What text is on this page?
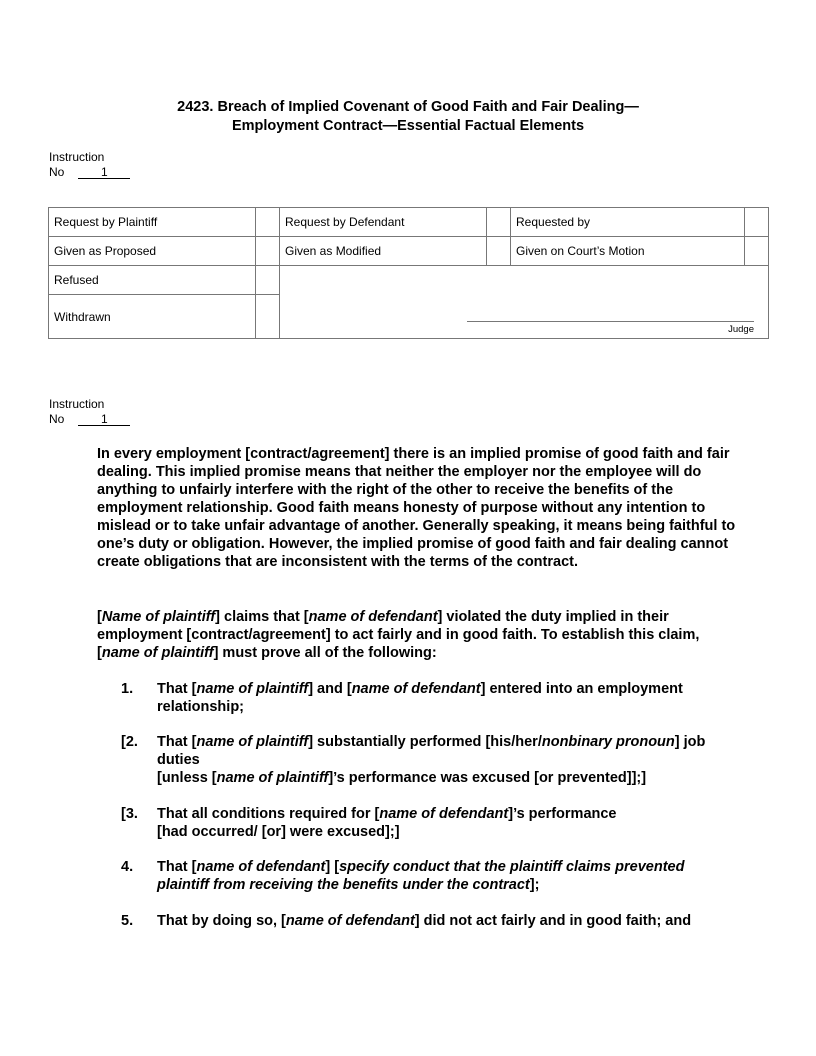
2423. Breach of Implied Covenant of Good Faith and Fair Dealing—
Employment Contract—Essential Factual Elements
Instruction
No	1
Request by Plaintiff		Request by Defendant		Requested by	
Given as Proposed		Given as Modified		Given on Court’s Motion	
Refused		Judge			

Withdrawn					
Instruction
No	1

In every employment [contract/agreement] there is an implied promise of good faith and fair dealing. This implied promise means that neither the employer nor the employee will do anything to unfairly interfere with the right of the other to receive the benefits of the employment relationship. Good faith means honesty of purpose without any intention to mislead or to take unfair advantage of another. Generally speaking, it means being faithful to one’s duty or obligation. However, the implied promise of good faith and fair dealing cannot create obligations that are inconsistent with the terms of the contract.

[Name of plaintiff] claims that [name of defendant] violated the duty implied in their employment [contract/agreement] to act fairly and in good faith. To establish this claim, [name of plaintiff] must prove all of the following:

1. That [name of plaintiff] and [name of defendant] entered into an employment relationship;
[2. That [name of plaintiff] substantially performed [his/her/nonbinary pronoun] job duties
[unless [name of plaintiff]’s performance was excused [or prevented]];]
[3. That all conditions required for [name of defendant]’s performance
[had occurred/ [or] were excused];]
4. That [name of defendant] [specify conduct that the plaintiff claims prevented plaintiff from receiving the benefits under the contract];
5. That by doing so, [name of defendant] did not act fairly and in good faith; and
